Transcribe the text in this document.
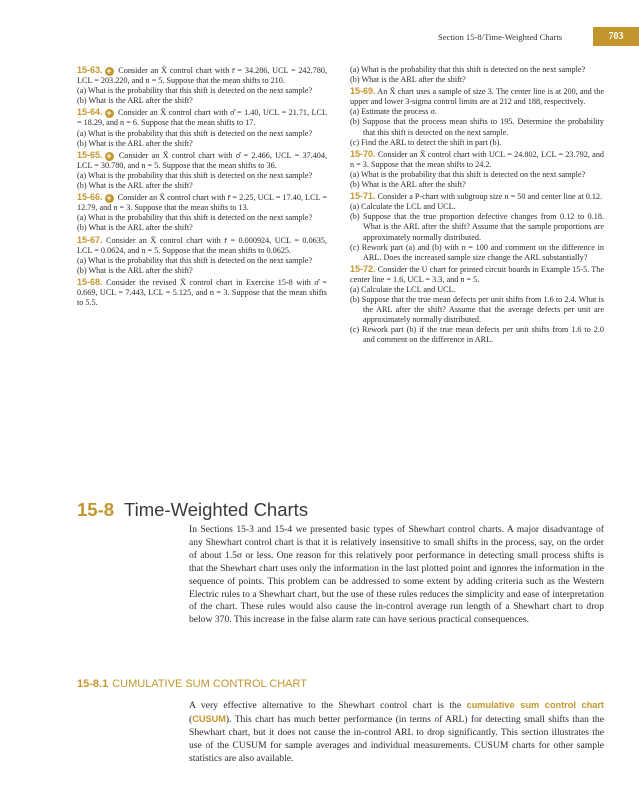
Section 15-8/Time-Weighted Charts	703
15-63. + Consider an X̄ control chart with r̄ = 34.286, UCL = 242.780, LCL = 203.220, and n = 5. Suppose that the mean shifts to 210.
(a) What is the probability that this shift is detected on the next sample?
(b) What is the ARL after the shift?
15-64. + Consider an X̄ control chart with σ̂ = 1.40, UCL = 21.71, LCL = 18.29, and n = 6. Suppose that the mean shifts to 17.
(a) What is the probability that this shift is detected on the next sample?
(b) What is the ARL after the shift?
15-65. + Consider an X̄ control chart with σ̂ = 2.466, UCL = 37.404, LCL = 30.780, and n = 5. Suppose that the mean shifts to 36.
(a) What is the probability that this shift is detected on the next sample?
(b) What is the ARL after the shift?
15-66. + Consider an X̄ control chart with r̄ = 2.25, UCL = 17.40, LCL = 12.79, and n = 3. Suppose that the mean shifts to 13.
(a) What is the probability that this shift is detected on the next sample?
(b) What is the ARL after the shift?
15-67. Consider an X̄ control chart with r̄ = 0.000924, UCL = 0.0635, LCL = 0.0624, and n = 5. Suppose that the mean shifts to 0.0625.
(a) What is the probability that this shift is detected on the next sample?
(b) What is the ARL after the shift?
15-68. Consider the revised X̄ control chart in Exercise 15-8 with σ̂ = 0.669, UCL = 7.443, LCL = 5.125, and n = 3. Suppose that the mean shifts to 5.5.
(a) What is the probability that this shift is detected on the next sample?
(b) What is the ARL after the shift?
15-69. An X̄ chart uses a sample of size 3. The center line is at 200, and the upper and lower 3-sigma control limits are at 212 and 188, respectively.
(a) Estimate the process σ.
(b) Suppose that the process mean shifts to 195. Determine the probability that this shift is detected on the next sample.
(c) Find the ARL to detect the shift in part (b).
15-70. Consider an X̄ control chart with UCL = 24.802, LCL = 23.792, and n = 3. Suppose that the mean shifts to 24.2.
(a) What is the probability that this shift is detected on the next sample?
(b) What is the ARL after the shift?
15-71. Consider a P-chart with subgroup size n = 50 and center line at 0.12.
(a) Calculate the LCL and UCL.
(b) Suppose that the true proportion defective changes from 0.12 to 0.18. What is the ARL after the shift? Assume that the sample proportions are approximately normally distributed.
(c) Rework part (a) and (b) with n = 100 and comment on the difference in ARL. Does the increased sample size change the ARL substantially?
15-72. Consider the U chart for printed circuit boards in Example 15-5. The center line = 1.6, UCL = 3.3, and n = 5.
(a) Calculate the LCL and UCL.
(b) Suppose that the true mean defects per unit shifts from 1.6 to 2.4. What is the ARL after the shift? Assume that the average defects per unit are approximately normally distributed.
(c) Rework part (b) if the true mean defects per unit shifts from 1.6 to 2.0 and comment on the difference in ARL.
15-8 Time-Weighted Charts
In Sections 15-3 and 15-4 we presented basic types of Shewhart control charts. A major disadvantage of any Shewhart control chart is that it is relatively insensitive to small shifts in the process, say, on the order of about 1.5σ or less. One reason for this relatively poor performance in detecting small process shifts is that the Shewhart chart uses only the information in the last plotted point and ignores the information in the sequence of points. This problem can be addressed to some extent by adding criteria such as the Western Electric rules to a Shewhart chart, but the use of these rules reduces the simplicity and ease of interpretation of the chart. These rules would also cause the in-control average run length of a Shewhart chart to drop below 370. This increase in the false alarm rate can have serious practical consequences.
15-8.1 CUMULATIVE SUM CONTROL CHART
A very effective alternative to the Shewhart control chart is the cumulative sum control chart (CUSUM). This chart has much better performance (in terms of ARL) for detecting small shifts than the Shewhart chart, but it does not cause the in-control ARL to drop significantly. This section illustrates the use of the CUSUM for sample averages and individual measurements. CUSUM charts for other sample statistics are also available.
